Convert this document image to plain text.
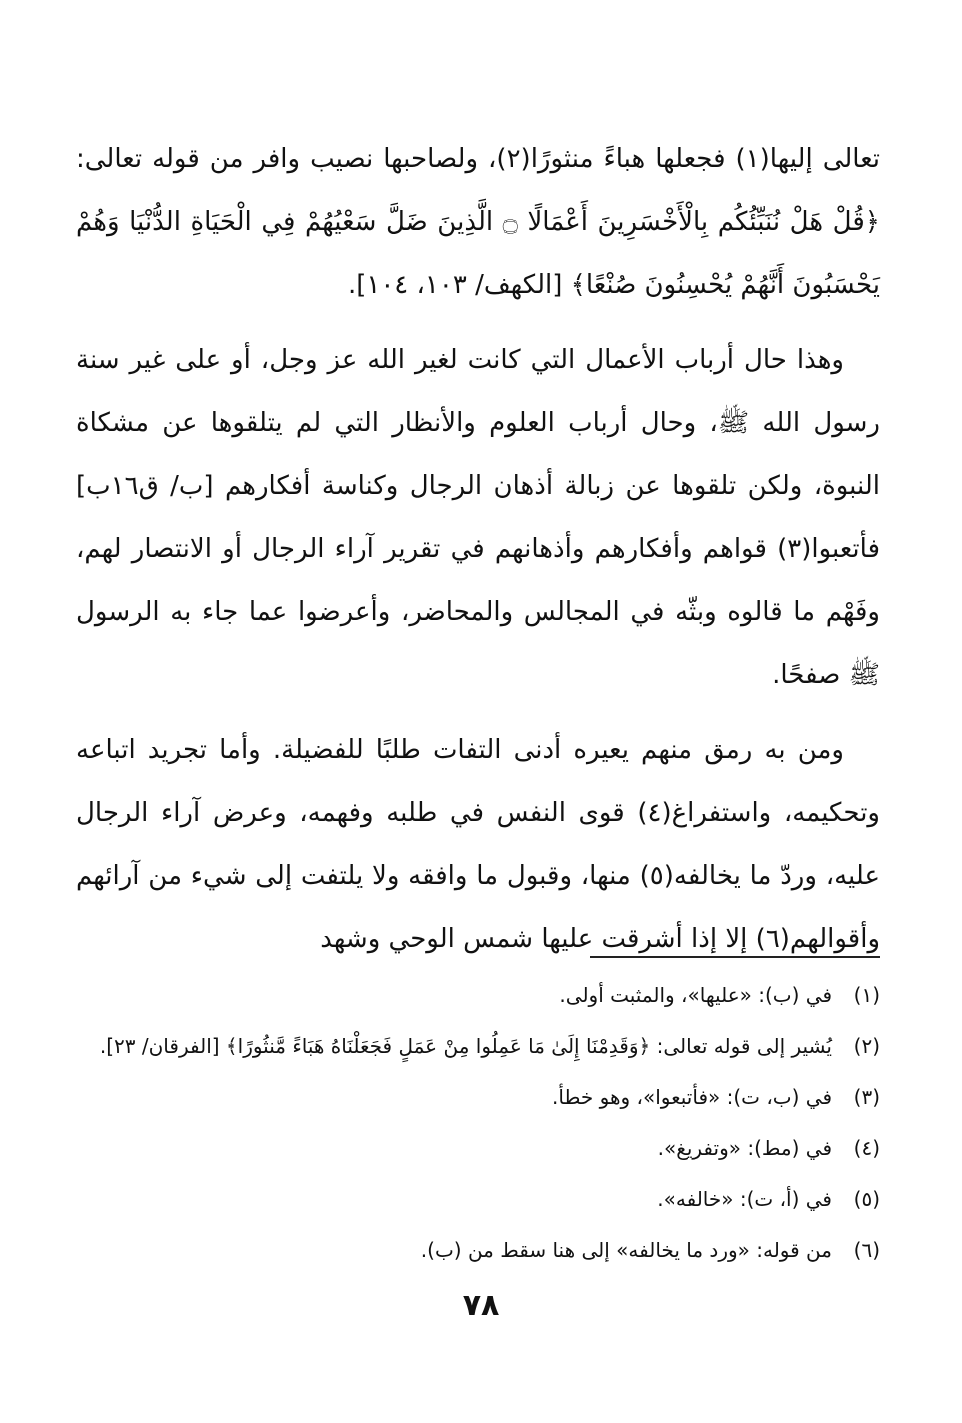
تعالى إليها(١) فجعلها هباءً منثورًا(٢)، ولصاحبها نصيب وافر من قوله تعالى: ﴿قُلْ هَلْ نُنَبِّئُكُم بِالْأَخْسَرِينَ أَعْمَالًا ۝ الَّذِينَ ضَلَّ سَعْيُهُمْ فِي الْحَيَاةِ الدُّنْيَا وَهُمْ يَحْسَبُونَ أَنَّهُمْ يُحْسِنُونَ صُنْعًا﴾ [الكهف/ ١٠٣، ١٠٤].

وهذا حال أرباب الأعمال التي كانت لغير الله عز وجل، أو على غير سنة رسول الله ﷺ، وحال أرباب العلوم والأنظار التي لم يتلقوها عن مشكاة النبوة، ولكن تلقوها عن زبالة أذهان الرجال وكناسة أفكارهم [ب/ ق١٦ب] فأتعبوا(٣) قواهم وأفكارهم وأذهانهم في تقرير آراء الرجال أو الانتصار لهم، وفَهْم ما قالوه وبثّه في المجالس والمحاضر، وأعرضوا عما جاء به الرسول ﷺ صفحًا.

ومن به رمق منهم يعيره أدنى التفات طلبًا للفضيلة. وأما تجريد اتباعه وتحكيمه، واستفراغ(٤) قوى النفس في طلبه وفهمه، وعرض آراء الرجال عليه، وردّ ما يخالفه(٥) منها، وقبول ما وافقه ولا يلتفت إلى شيء من آرائهم وأقوالهم(٦) إلا إذا أشرقت عليها شمس الوحي وشهد

(١)
في (ب): «عليها»، والمثبت أولى.
(٢)
يُشير إلى قوله تعالى: ﴿وَقَدِمْنَا إِلَىٰ مَا عَمِلُوا مِنْ عَمَلٍ فَجَعَلْنَاهُ هَبَاءً مَّنثُورًا﴾ [الفرقان/ ٢٣].
(٣)
في (ب، ت): «فأتبعوا»، وهو خطأ.
(٤)
في (مط): «وتفريغ».
(٥)
في (أ، ت): «خالفه».
(٦)
من قوله: «ورد ما يخالفه» إلى هنا سقط من (ب).
٧٨
